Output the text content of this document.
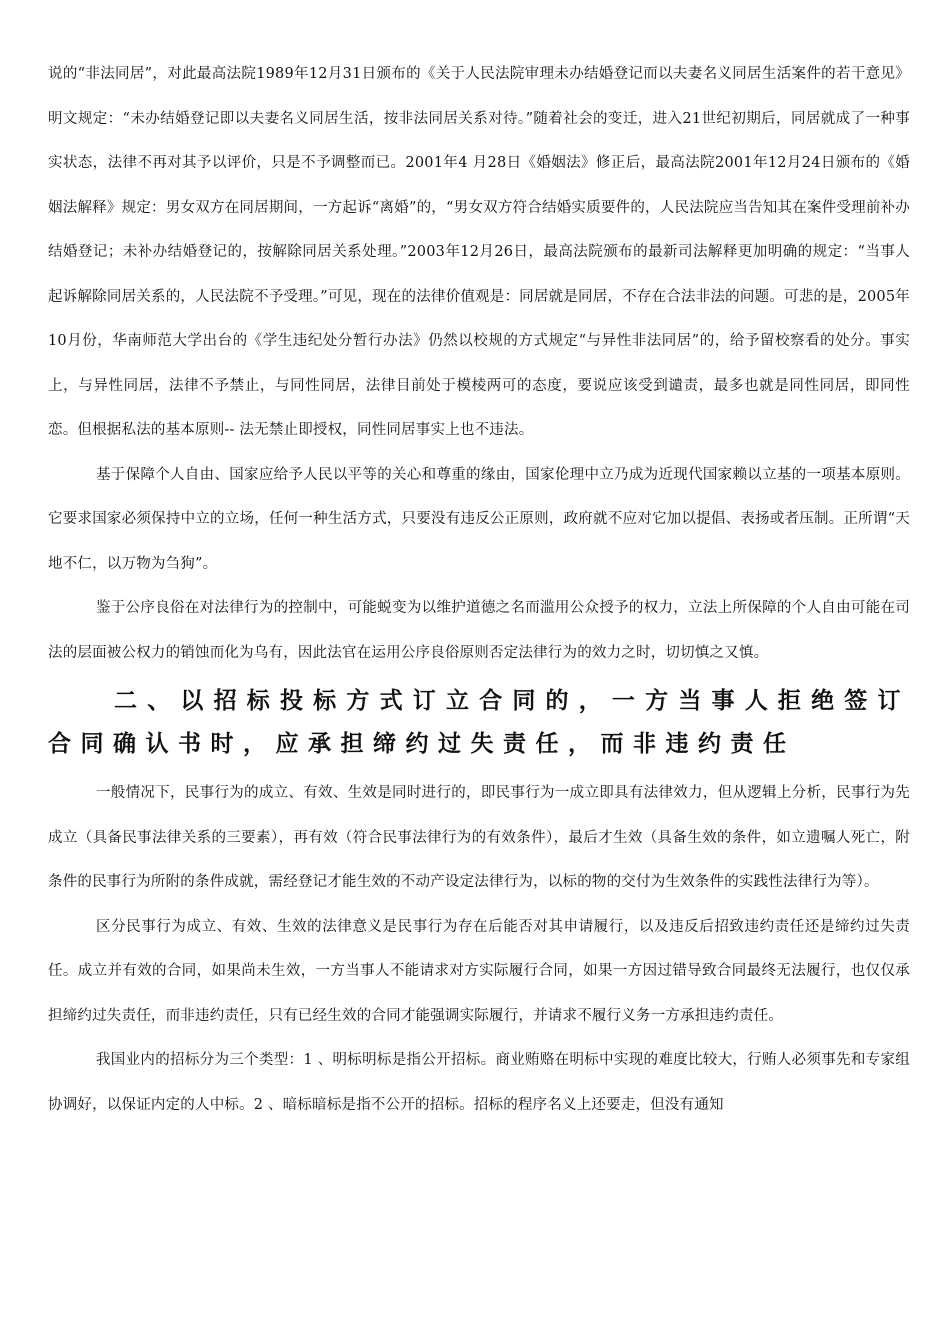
说的“非法同居”，对此最高法院1989年12月31日颁布的《关于人民法院审理未办结婚登记而以夫妻名义同居生活案件的若干意见》明文规定：“未办结婚登记即以夫妻名义同居生活，按非法同居关系对待。”随着社会的变迁，进入21世纪初期后，同居就成了一种事实状态，法律不再对其予以评价，只是不予调整而已。2001年4 月28日《婚姻法》修正后，最高法院2001年12月24日颁布的《婚姻法解释》规定：男女双方在同居期间，一方起诉“离婚”的，“男女双方符合结婚实质要件的，人民法院应当告知其在案件受理前补办结婚登记；未补办结婚登记的，按解除同居关系处理。”2003年12月26日，最高法院颁布的最新司法解释更加明确的规定：“当事人起诉解除同居关系的，人民法院不予受理。”可见，现在的法律价值观是：同居就是同居，不存在合法非法的问题。可悲的是，2005年10月份，华南师范大学出台的《学生违纪处分暂行办法》仍然以校规的方式规定“与异性非法同居”的，给予留校察看的处分。事实上，与异性同居，法律不予禁止，与同性同居，法律目前处于模棱两可的态度，要说应该受到谴责，最多也就是同性同居，即同性恋。但根据私法的基本原则-- 法无禁止即授权，同性同居事实上也不违法。

基于保障个人自由、国家应给予人民以平等的关心和尊重的缘由，国家伦理中立乃成为近现代国家赖以立基的一项基本原则。它要求国家必须保持中立的立场，任何一种生活方式，只要没有违反公正原则，政府就不应对它加以提倡、表扬或者压制。正所谓“天地不仁，以万物为刍狗”。

鉴于公序良俗在对法律行为的控制中，可能蜕变为以维护道德之名而滥用公众授予的权力，立法上所保障的个人自由可能在司法的层面被公权力的销蚀而化为乌有，因此法官在运用公序良俗原则否定法律行为的效力之时，切切慎之又慎。

二、以招标投标方式订立合同的，一方当事人拒绝签订合同确认书时，应承担缔约过失责任，而非违约责任

一般情况下，民事行为的成立、有效、生效是同时进行的，即民事行为一成立即具有法律效力，但从逻辑上分析，民事行为先成立（具备民事法律关系的三要素），再有效（符合民事法律行为的有效条件），最后才生效（具备生效的条件，如立遗嘱人死亡，附条件的民事行为所附的条件成就，需经登记才能生效的不动产设定法律行为，以标的物的交付为生效条件的实践性法律行为等）。

区分民事行为成立、有效、生效的法律意义是民事行为存在后能否对其申请履行，以及违反后招致违约责任还是缔约过失责任。成立并有效的合同，如果尚未生效，一方当事人不能请求对方实际履行合同，如果一方因过错导致合同最终无法履行，也仅仅承担缔约过失责任，而非违约责任，只有已经生效的合同才能强调实际履行，并请求不履行义务一方承担违约责任。

我国业内的招标分为三个类型：1 、明标明标是指公开招标。商业贿赂在明标中实现的难度比较大，行贿人必须事先和专家组协调好，以保证内定的人中标。2 、暗标暗标是指不公开的招标。招标的程序名义上还要走，但没有通知
